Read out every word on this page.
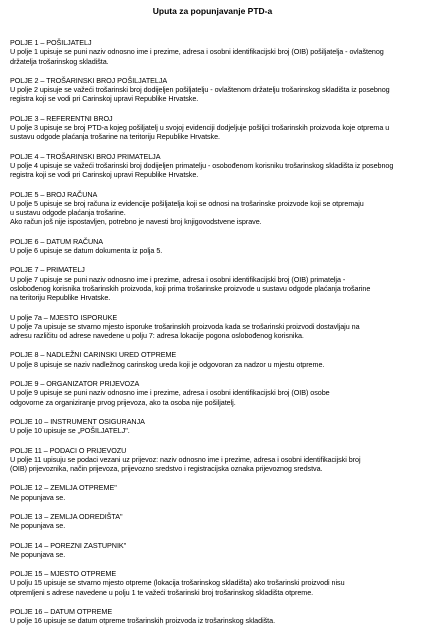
Uputa za popunjavanje PTD-a
POLJE 1 – POŠILJATELJ
U polje 1 upisuje se puni naziv odnosno ime i prezime, adresa i osobni identifikacijski broj (OIB) pošiljatelja - ovlaštenog
držatelja trošarinskog skladišta.
POLJE 2 – TROŠARINSKI BROJ POŠILJATELJA
U polje 2 upisuje se važeći trošarinski broj dodijeljen pošiljatelju - ovlaštenom držatelju trošarinskog skladišta iz posebnog
registra koji se vodi pri Carinskoj upravi Republike Hrvatske.
POLJE 3 – REFERENTNI BROJ
U polje 3 upisuje se broj PTD-a kojeg pošiljatelj u svojoj evidenciji dodjeljuje pošiljci trošarinskih proizvoda koje otprema u
sustavu odgode plaćanja trošarine na teritoriju Republike Hrvatske.
POLJE 4 – TROŠARINSKI BROJ PRIMATELJA
U polje 4 upisuje se važeći trošarinski broj dodijeljen primatelju - osobođenom korisniku trošarinskog skladišta iz posebnog
registra koji se vodi pri Carinskoj upravi Republike Hrvatske.
POLJE 5 – BROJ RAČUNA
U polje 5 upisuje se broj računa iz evidencije pošiljatelja koji se odnosi na trošarinske proizvode koji se otpremaju
u sustavu odgode plaćanja trošarine.
Ako račun još nije ispostavljen, potrebno je navesti broj knjigovodstvene isprave.
POLJE 6 – DATUM RAČUNA
U polje 6 upisuje se datum dokumenta iz polja 5.
POLJE 7 – PRIMATELJ
U polje 7 upisuje se puni naziv odnosno ime i prezime, adresa i osobni identifikacijski broj (OIB) primatelja -
oslobođenog korisnika trošarinskih proizvoda, koji prima trošarinske proizvode u sustavu odgode plaćanja trošarine
na teritoriju Republike Hrvatske.
U polje 7a – MJESTO ISPORUKE
U polje 7a upisuje se stvarno mjesto isporuke trošarinskih proizvoda kada se trošarinski proizvodi dostavljaju na
adresu različitu od adrese navedene u polju 7: adresa lokacije pogona oslobođenog korisnika.
POLJE 8 – NADLEŽNI CARINSKI URED OTPREME
U polje 8 upisuje se naziv nadležnog carinskog ureda koji je odgovoran za nadzor u mjestu otpreme.
POLJE 9 – ORGANIZATOR PRIJEVOZA
U polje 9 upisuje se puni naziv odnosno ime i prezime, adresa i osobni identifikacijski broj (OIB) osobe
odgovorne za organiziranje prvog prijevoza, ako ta osoba nije pošiljatelj.
POLJE 10 – INSTRUMENT OSIGURANJA
U polje 10 upisuje se „POŠILJATELJ".
POLJE 11 – PODACI O PRIJEVOZU
U polje 11 upisuju se podaci vezani uz prijevoz: naziv odnosno ime i prezime, adresa i osobni identifikacijski broj
(OIB) prijevoznika, način prijevoza, prijevozno sredstvo i registracijska oznaka prijevoznog sredstva.
POLJE 12 – ZEMLJA OTPREME"
Ne popunjava se.
POLJE 13 – ZEMLJA ODREDIŠTA"
Ne popunjava se.
POLJE 14 – POREZNI ZASTUPNIK"
Ne popunjava se.
POLJE 15 – MJESTO OTPREME
U polju 15 upisuje se stvarno mjesto otpreme (lokacija trošarinskog skladišta) ako trošarinski proizvodi nisu
otpremljeni s adrese navedene u polju 1 te važeći trošarinski broj trošarinskog skladišta otpreme.
POLJE 16 – DATUM OTPREME
U polje 16 upisuje se datum otpreme trošarinskih proizvoda iz trošarinskog skladišta.
